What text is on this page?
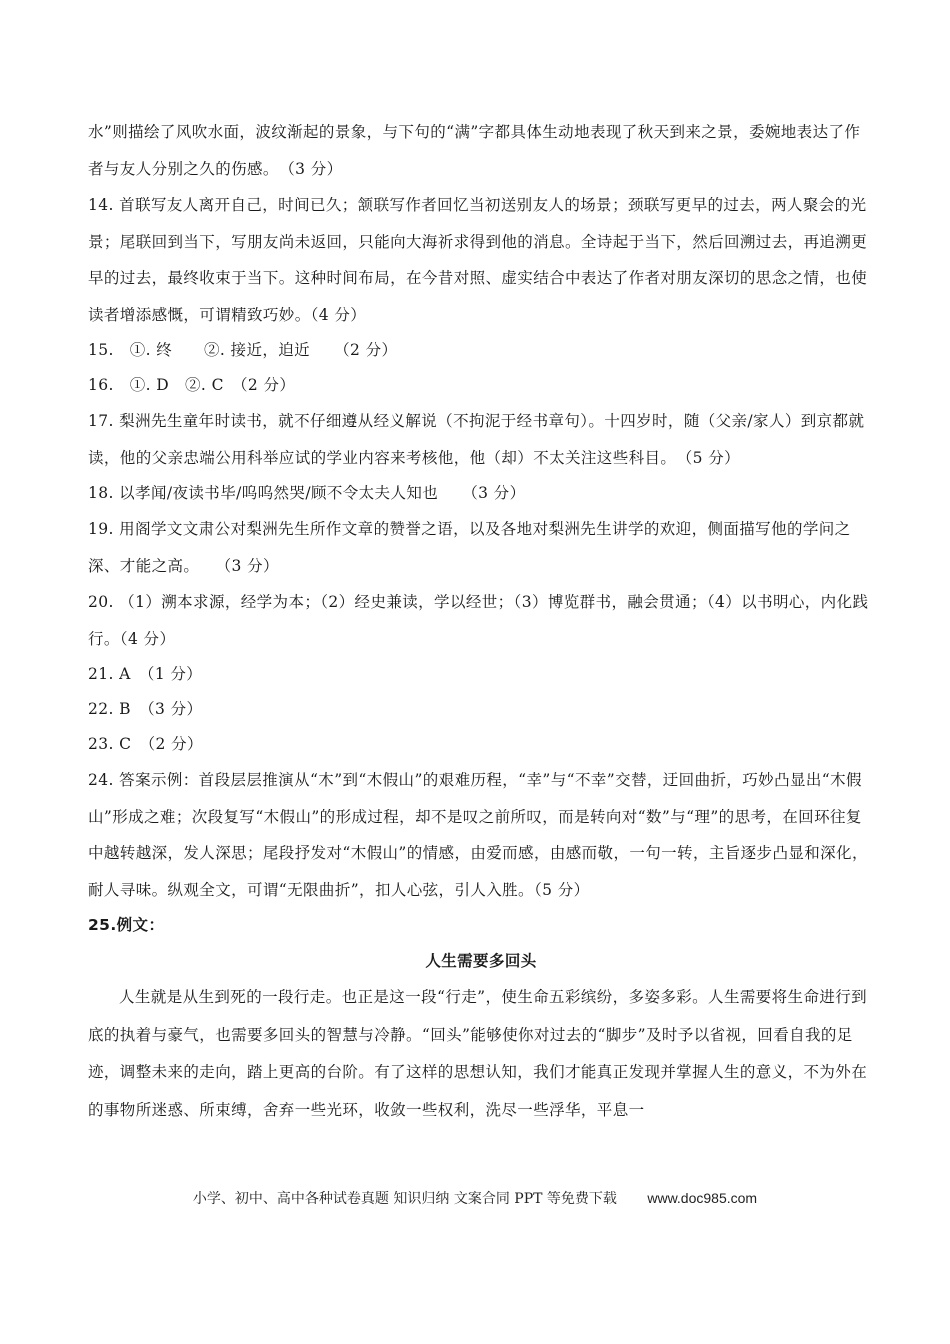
水”则描绘了风吹水面，波纹渐起的景象，与下句的“满”字都具体生动地表现了秋天到来之景，委婉地表达了作者与友人分别之久的伤感。　（3 分）

14. 首联写友人离开自己，时间已久；颔联写作者回忆当初送别友人的场景；颈联写更早的过去，两人聚会的光景；尾联回到当下，写朋友尚未返回，只能向大海祈求得到他的消息。全诗起于当下，然后回溯过去，再追溯更早的过去，最终收束于当下。这种时间布局，在今昔对照、虚实结合中表达了作者对朋友深切的思念之情，也使读者增添感慨，可谓精致巧妙。（4 分）

15.　①. 终　　②. 接近，迫近　　（2 分）

16.　①. D　②. C　（2 分）

17. 梨洲先生童年时读书，就不仔细遵从经义解说（不拘泥于经书章句）。十四岁时，随（父亲/家人）到京都就读，他的父亲忠端公用科举应试的学业内容来考核他，他（却）不太关注这些科目。　（5 分）

18. 以孝闻/夜读书毕/呜呜然哭/顾不令太夫人知也　　（3 分）

19. 用阁学文文肃公对梨洲先生所作文章的赞誉之语，以及各地对梨洲先生讲学的欢迎，侧面描写他的学问之深、才能之高。　　（3 分）

20. （1）溯本求源，经学为本；（2）经史兼读，学以经世；（3）博览群书，融会贯通；（4）以书明心，内化践行。（4 分）

21. A　（1 分）

22. B　（3 分）

23. C　（2 分）

24. 答案示例：首段层层推演从“木”到“木假山”的艰难历程，“幸”与“不幸”交替，迂回曲折，巧妙凸显出“木假山”形成之难；次段复写“木假山”的形成过程，却不是叹之前所叹，而是转向对“数”与“理”的思考，在回环往复中越转越深，发人深思；尾段抒发对“木假山”的情感，由爱而感，由感而敬，一句一转，主旨逐步凸显和深化，耐人寻味。纵观全文，可谓“无限曲折”，扣人心弦，引人入胜。（5 分）

25.例文：

人生需要多回头

人生就是从生到死的一段行走。也正是这一段“行走”，使生命五彩缤纷，多姿多彩。人生需要将生命进行到底的执着与豪气，也需要多回头的智慧与冷静。“回头”能够使你对过去的“脚步”及时予以省视，回看自我的足迹，调整未来的走向，踏上更高的台阶。有了这样的思想认知，我们才能真正发现并掌握人生的意义，不为外在的事物所迷惑、所束缚，舍弃一些光环，收敛一些权利，洗尽一些浮华，平息一

小学、初中、高中各种试卷真题 知识归纳 文案合同 PPT 等免费下载 www.doc985.com
